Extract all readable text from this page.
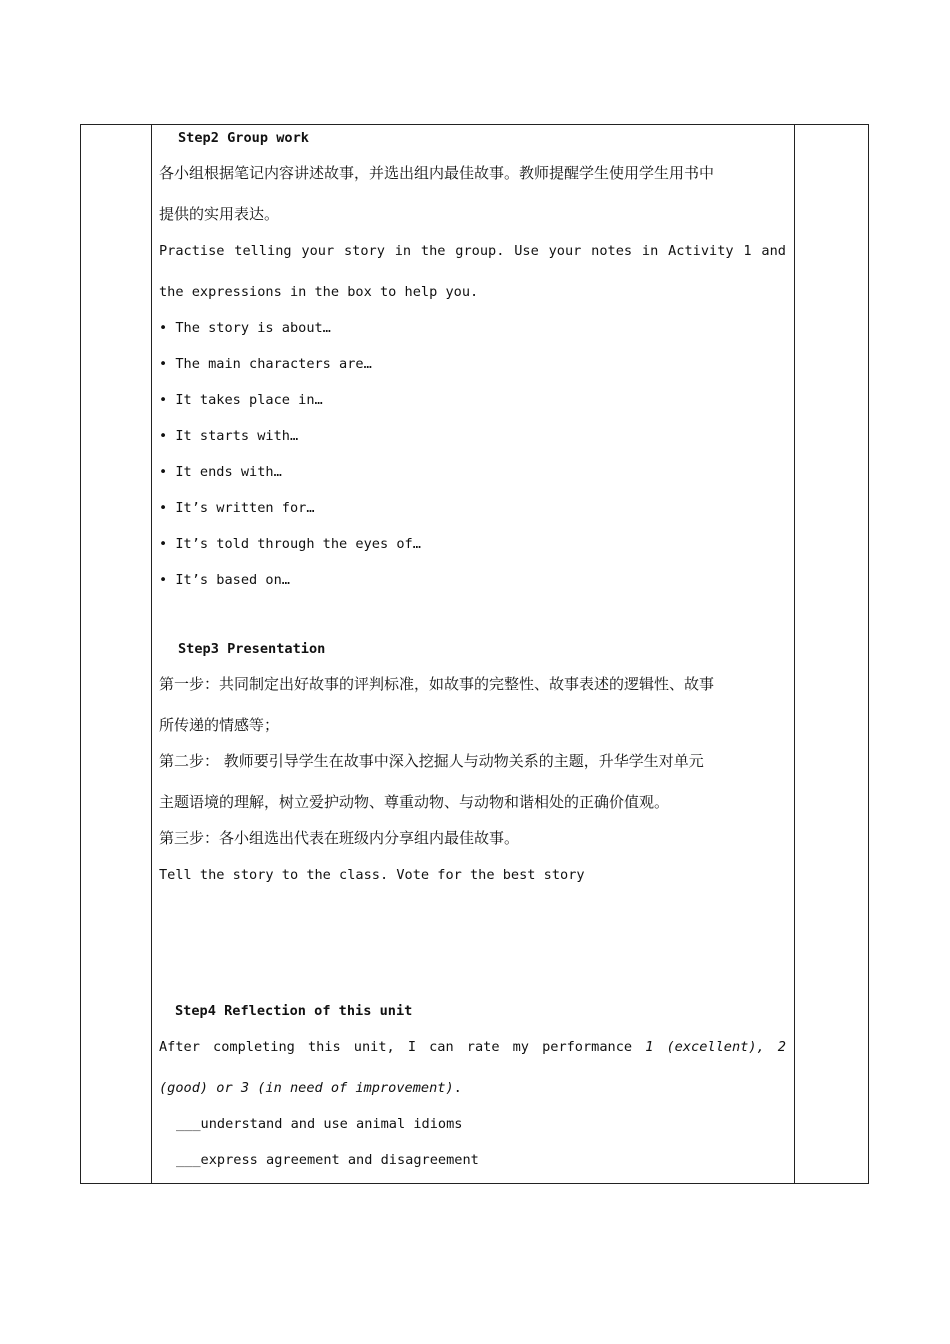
Step2 Group work
各小组根据笔记内容讲述故事，并选出组内最佳故事。教师提醒学生使用学生用书中
提供的实用表达。
Practise telling your story in the group. Use your notes in Activity 1 and
the expressions in the box to help you.
• The story is about…
• The main characters are…
• It takes place in…
• It starts with…
• It ends with…
• It’s written for…
• It’s told through the eyes of…
• It’s based on…
Step3 Presentation
第一步：共同制定出好故事的评判标准，如故事的完整性、故事表述的逻辑性、故事
所传递的情感等；
第二步： 教师要引导学生在故事中深入挖掘人与动物关系的主题，升华学生对单元
主题语境的理解，树立爱护动物、尊重动物、与动物和谐相处的正确价值观。
第三步：各小组选出代表在班级内分享组内最佳故事。
Tell the story to the class. Vote for the best story
Step4 Reflection of this unit
After completing this unit, I can rate my performance 1 (excellent), 2
(good) or 3 (in need of improvement).
___understand and use animal idioms
___express agreement and disagreement
